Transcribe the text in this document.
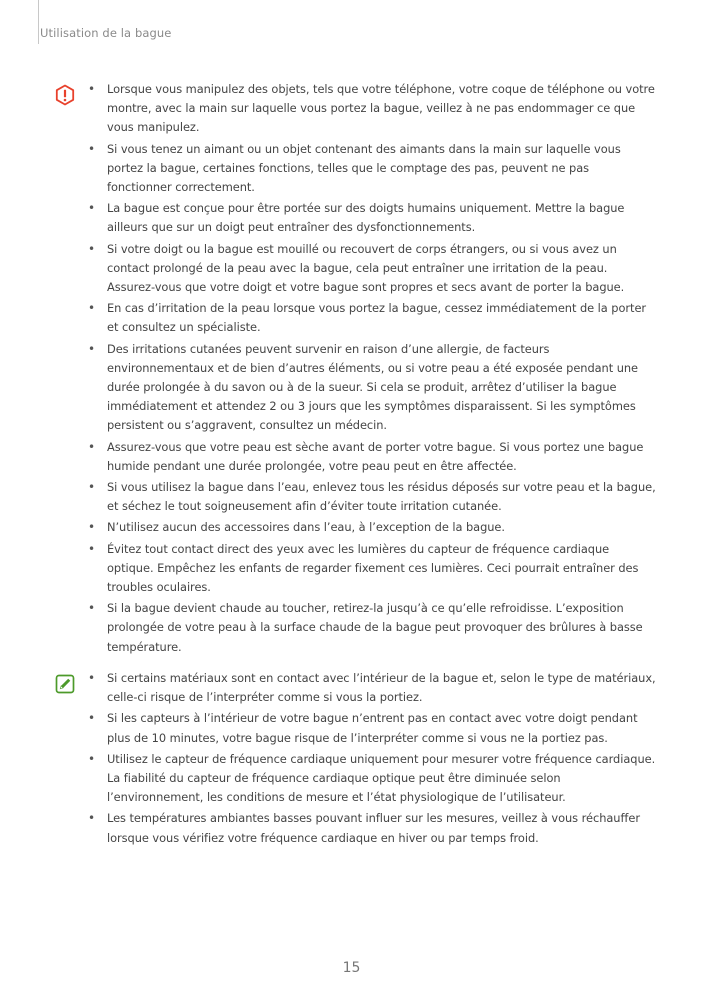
Utilisation de la bague
• Lorsque vous manipulez des objets, tels que votre téléphone, votre coque de téléphone ou votre montre, avec la main sur laquelle vous portez la bague, veillez à ne pas endommager ce que vous manipulez.
• Si vous tenez un aimant ou un objet contenant des aimants dans la main sur laquelle vous portez la bague, certaines fonctions, telles que le comptage des pas, peuvent ne pas fonctionner correctement.
• La bague est conçue pour être portée sur des doigts humains uniquement. Mettre la bague ailleurs que sur un doigt peut entraîner des dysfonctionnements.
• Si votre doigt ou la bague est mouillé ou recouvert de corps étrangers, ou si vous avez un contact prolongé de la peau avec la bague, cela peut entraîner une irritation de la peau. Assurez-vous que votre doigt et votre bague sont propres et secs avant de porter la bague.
• En cas d’irritation de la peau lorsque vous portez la bague, cessez immédiatement de la porter et consultez un spécialiste.
• Des irritations cutanées peuvent survenir en raison d’une allergie, de facteurs environnementaux et de bien d’autres éléments, ou si votre peau a été exposée pendant une durée prolongée à du savon ou à de la sueur. Si cela se produit, arrêtez d’utiliser la bague immédiatement et attendez 2 ou 3 jours que les symptômes disparaissent. Si les symptômes persistent ou s’aggravent, consultez un médecin.
• Assurez-vous que votre peau est sèche avant de porter votre bague. Si vous portez une bague humide pendant une durée prolongée, votre peau peut en être affectée.
• Si vous utilisez la bague dans l’eau, enlevez tous les résidus déposés sur votre peau et la bague, et séchez le tout soigneusement afin d’éviter toute irritation cutanée.
• N’utilisez aucun des accessoires dans l’eau, à l’exception de la bague.
• Évitez tout contact direct des yeux avec les lumières du capteur de fréquence cardiaque optique. Empêchez les enfants de regarder fixement ces lumières. Ceci pourrait entraîner des troubles oculaires.
• Si la bague devient chaude au toucher, retirez-la jusqu’à ce qu’elle refroidisse. L’exposition prolongée de votre peau à la surface chaude de la bague peut provoquer des brûlures à basse température.
• Si certains matériaux sont en contact avec l’intérieur de la bague et, selon le type de matériaux, celle-ci risque de l’interpréter comme si vous la portiez.
• Si les capteurs à l’intérieur de votre bague n’entrent pas en contact avec votre doigt pendant plus de 10 minutes, votre bague risque de l’interpréter comme si vous ne la portiez pas.
• Utilisez le capteur de fréquence cardiaque uniquement pour mesurer votre fréquence cardiaque. La fiabilité du capteur de fréquence cardiaque optique peut être diminuée selon l’environnement, les conditions de mesure et l’état physiologique de l’utilisateur.
• Les températures ambiantes basses pouvant influer sur les mesures, veillez à vous réchauffer lorsque vous vérifiez votre fréquence cardiaque en hiver ou par temps froid.
15
